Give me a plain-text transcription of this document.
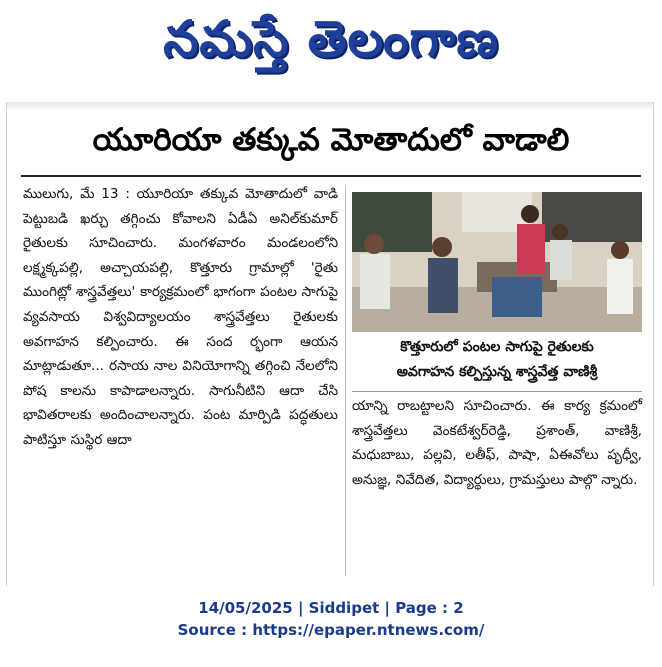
నమస్తే తెలంగాణ
యూరియా తక్కువ మోతాదులో వాడాలి

ములుగు, మే 13 : యూరియా తక్కువ మోతాదులో వాడి పెట్టుబడి ఖర్చు తగ్గించు కోవాలని ఏడీఏ అనిల్‌కుమార్‌ రైతులకు సూచించారు. మంగళవారం మండలంలోని లక్ష్మక్కపల్లి, అచ్చాయపల్లి, కొత్తూరు గ్రామాల్లో 'రైతు ముంగిట్లో శాస్త్రవేత్తలు' కార్యక్రమంలో భాగంగా పంటల సాగుపై వ్యవసాయ విశ్వవిద్యాలయం శాస్త్రవేత్తలు రైతులకు అవగాహన కల్పించారు. ఈ సంద ర్భంగా ఆయన మాట్లాడుతూ... రసాయ నాల వినియోగాన్ని తగ్గించి నేలలోని పోష కాలను కాపాడాలన్నారు. సాగునీటిని ఆదా చేసి భావితరాలకు అందించాలన్నారు. పంట మార్పిడి పద్ధతులు పాటిస్తూ సుస్థిర ఆదా

కొత్తూరులో పంటల సాగుపై రైతులకు
అవగాహన కల్పిస్తున్న శాస్త్రవేత్త వాణిశ్రీ

యాన్ని రాబట్టాలని సూచించారు. ఈ కార్య క్రమంలో శాస్త్రవేత్తలు వెంకటేశ్వర్‌రెడ్డి, ప్రశాంత్‌, వాణిశ్రీ, మధుబాబు, పల్లవి, లతీఫ్‌, పాషా, ఏఈవోలు పృధ్వీ, అనుజ్ఞ, నివేదిత, విద్యార్థులు, గ్రామస్తులు పాల్గొ న్నారు.

14/05/2025 | Siddipet | Page : 2
Source : https://epaper.ntnews.com/
